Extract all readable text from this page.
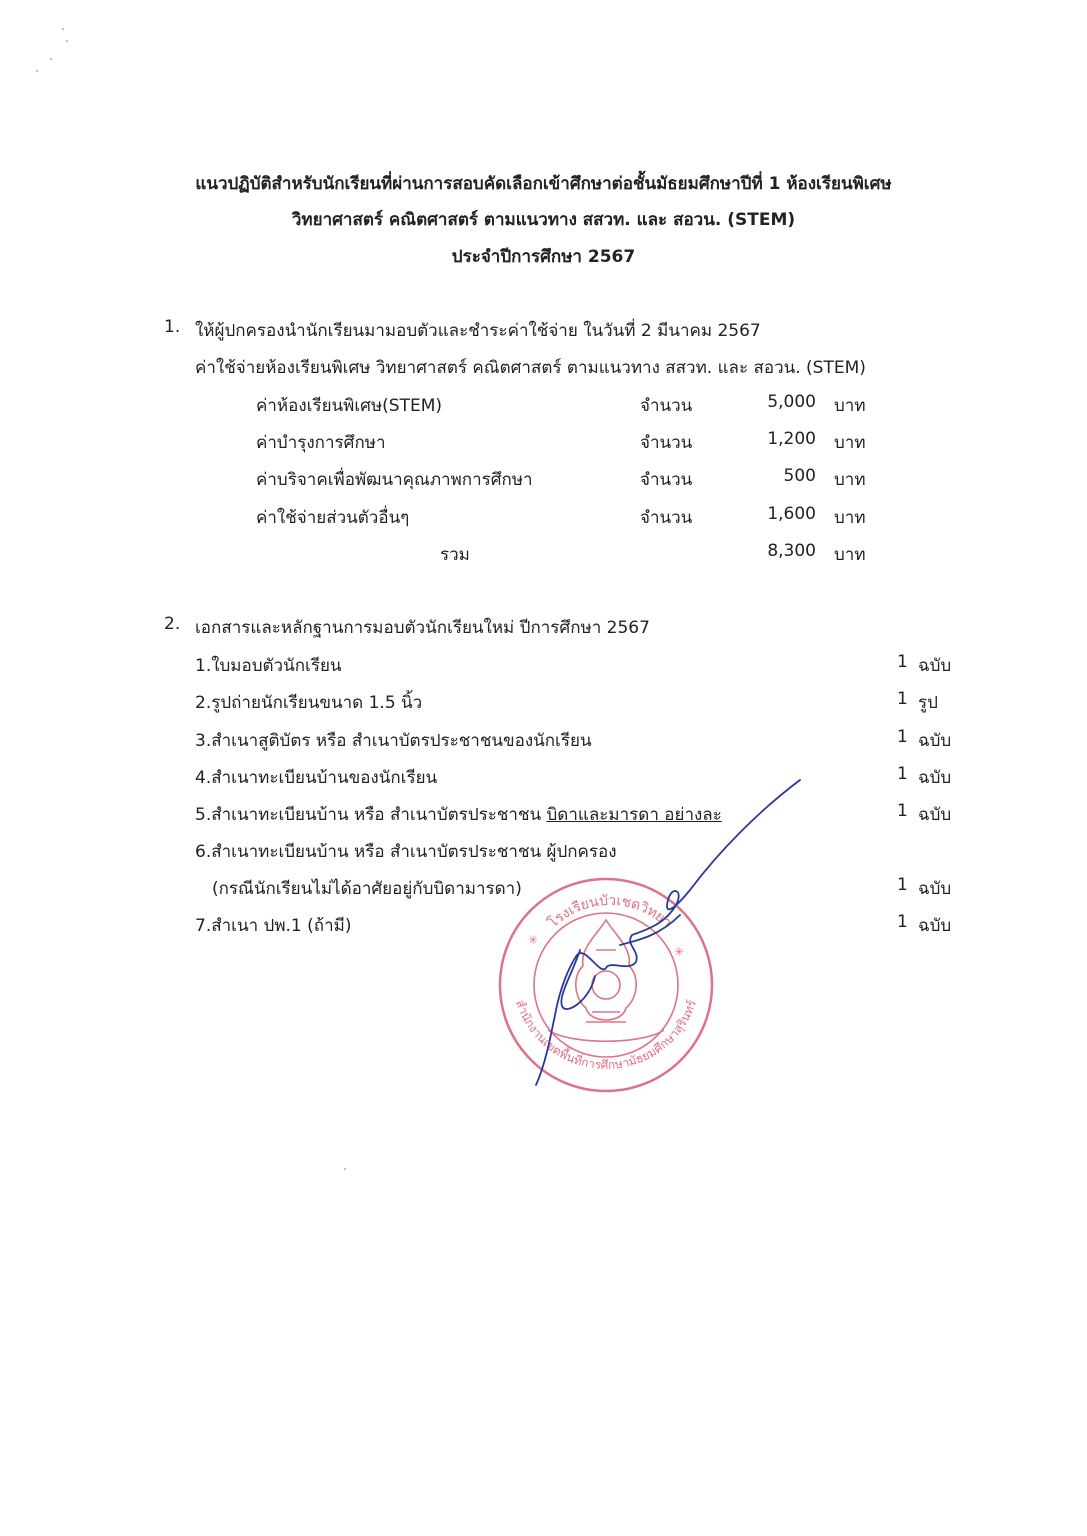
แนวปฏิบัติสำหรับนักเรียนที่ผ่านการสอบคัดเลือกเข้าศึกษาต่อชั้นมัธยมศึกษาปีที่ 1 ห้องเรียนพิเศษ
วิทยาศาสตร์ คณิตศาสตร์ ตามแนวทาง สสวท. และ สอวน. (STEM)
ประจำปีการศึกษา 2567
1. ให้ผู้ปกครองนำนักเรียนมามอบตัวและชำระค่าใช้จ่าย ในวันที่ 2 มีนาคม 2567
ค่าใช้จ่ายห้องเรียนพิเศษ วิทยาศาสตร์ คณิตศาสตร์ ตามแนวทาง สสวท. และ สอวน. (STEM)
ค่าห้องเรียนพิเศษ(STEM)	จำนวน	5,000 บาท
ค่าบำรุงการศึกษา	จำนวน	1,200 บาท
ค่าบริจาคเพื่อพัฒนาคุณภาพการศึกษา	จำนวน	500 บาท
ค่าใช้จ่ายส่วนตัวอื่นๆ	จำนวน	1,600 บาท
รวม	8,300 บาท
2. เอกสารและหลักฐานการมอบตัวนักเรียนใหม่ ปีการศึกษา 2567
1.ใบมอบตัวนักเรียน	1 ฉบับ
2.รูปถ่ายนักเรียนขนาด 1.5 นิ้ว	1 รูป
3.สำเนาสูติบัตร หรือ สำเนาบัตรประชาชนของนักเรียน	1 ฉบับ
4.สำเนาทะเบียนบ้านของนักเรียน	1 ฉบับ
5.สำเนาทะเบียนบ้าน หรือ สำเนาบัตรประชาชน บิดาและมารดา อย่างละ	1 ฉบับ
6.สำเนาทะเบียนบ้าน หรือ สำเนาบัตรประชาชน ผู้ปกครอง
(กรณีนักเรียนไม่ได้อาศัยอยู่กับบิดามารดา)	1 ฉบับ
7.สำเนา ปพ.1 (ถ้ามี)	1 ฉบับ
โรงเรียนบัวเชดวิทยา
สำนักงานเขตพื้นที่การศึกษามัธยมศึกษาสุรินทร์
✳
✳
